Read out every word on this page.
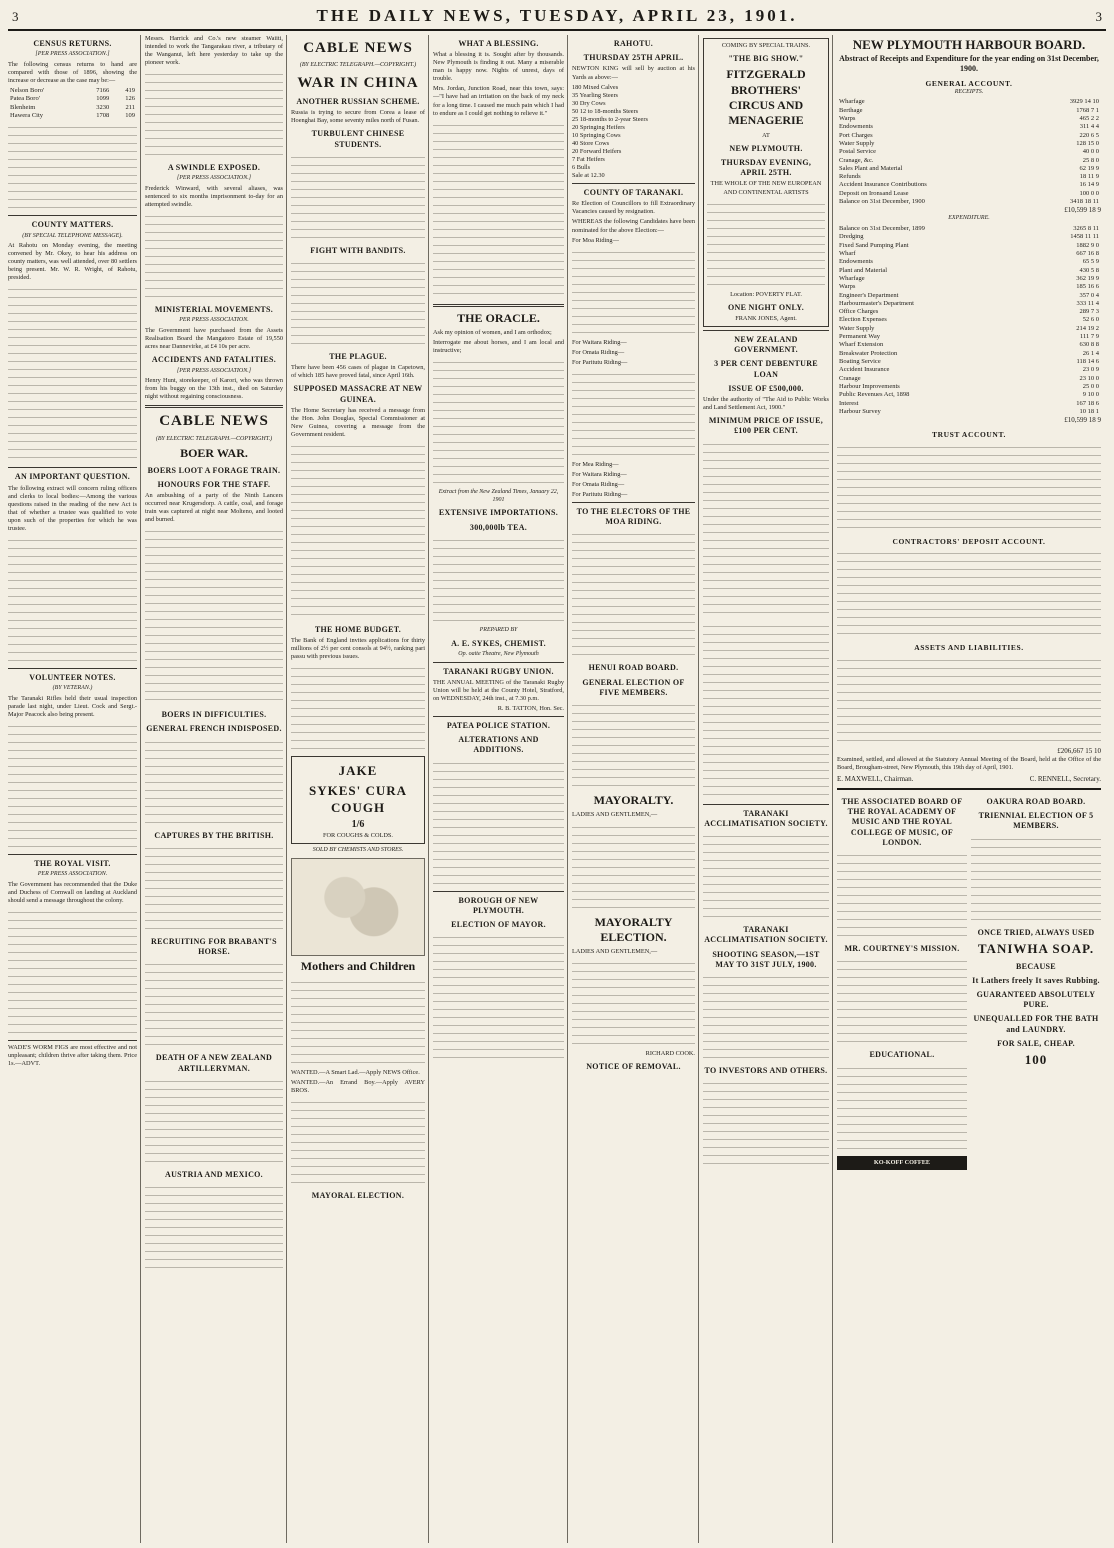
3	THE DAILY NEWS, TUESDAY, APRIL 23, 1901.	3
CENSUS RETURNS.
[PER PRESS ASSOCIATION.]

The following census returns to hand are compared with those of 1896, showing the increase or decrease as the case may be:—

Nelson Boro'	7166	419
Patea Boro'	1099	126
Blenheim	3230	211
Hawera City	1708	109
COUNTY MATTERS.
(BY SPECIAL TELEPHONE MESSAGE).

At Rahotu on Monday evening, the meeting convened by Mr. Okey, to hear his address on county matters, was well attended, over 80 settlers being present. Mr. W. R. Wright, of Rahotu, presided.

AN IMPORTANT QUESTION.

The following extract will concern ruling officers and clerks to local bodies:—Among the various questions raised in the reading of the new Act is that of whether a trustee was qualified to vote upon such of the properties for which he was trustee.

VOLUNTEER NOTES.
(BY VETERAN.)

The Taranaki Rifles held their usual inspection parade last night, under Lieut. Cock and Sergt.-Major Peacock also being present.

THE ROYAL VISIT.
PER PRESS ASSOCIATION.

The Government has recommended that the Duke and Duchess of Cornwall on landing at Auckland should send a message throughout the colony.

WADE'S WORM FIGS are most effective and not unpleasant; children thrive after taking them. Price 1s.—ADVT.

Messrs. Harrick and Co.'s new steamer Waiiti, intended to work the Tangarakau river, a tributary of the Wanganui, left here yesterday to take up the pioneer work.

A SWINDLE EXPOSED.
[PER PRESS ASSOCIATION.]

Frederick Winward, with several aliases, was sentenced to six months imprisonment to-day for an attempted swindle.

MINISTERIAL MOVEMENTS.
PER PRESS ASSOCIATION.

The Government have purchased from the Assets Realisation Board the Mangatoro Estate of 19,550 acres near Dannevirke, at £4 10s per acre.

ACCIDENTS AND FATALITIES.
[PER PRESS ASSOCIATION.]

Henry Hunt, storekeeper, of Karori, who was thrown from his buggy on the 13th inst., died on Saturday night without regaining consciousness.

CABLE NEWS
(BY ELECTRIC TELEGRAPH.—COPYRIGHT.)
BOER WAR.
BOERS LOOT A FORAGE TRAIN.
HONOURS FOR THE STAFF.

An ambushing of a party of the Ninth Lancers occurred near Krugersdorp. A cattle, coal, and forage train was captured at night near Molteno, and looted and burned.

BOERS IN DIFFICULTIES.
GENERAL FRENCH INDISPOSED.
CAPTURES BY THE BRITISH.
RECRUITING FOR BRABANT'S HORSE.
DEATH OF A NEW ZEALAND ARTILLERYMAN.
AUSTRIA AND MEXICO.
CABLE NEWS
(BY ELECTRIC TELEGRAPH.—COPYRIGHT.)
WAR IN CHINA
ANOTHER RUSSIAN SCHEME.

Russia is trying to secure from Corea a lease of Hoenghai Bay, some seventy miles north of Fusan.

TURBULENT CHINESE STUDENTS.
FIGHT WITH BANDITS.
THE PLAGUE.

There have been 456 cases of plague in Capetown, of which 185 have proved fatal, since April 16th.

SUPPOSED MASSACRE AT NEW GUINEA.

The Home Secretary has received a message from the Hon. John Douglas, Special Commissioner at New Guinea, covering a message from the Government resident.

THE HOME BUDGET.

The Bank of England invites applications for thirty millions of 2½ per cent consols at 94½, ranking pari passu with previous issues.

JAKE
SYKES' CURA COUGH
1/6
FOR COUGHS & COLDS.
SOLD BY CHEMISTS AND STORES.
Mothers and Children

WANTED.—A Smart Lad.—Apply NEWS Office.

WANTED.—An Errand Boy.—Apply AVERY BROS.

MAYORAL ELECTION.
WHAT A BLESSING.

What a blessing it is. Sought after by thousands. New Plymouth is finding it out. Many a miserable man is happy now. Nights of unrest, days of trouble.

Mrs. Jordan, Junction Road, near this town, says:—"I have had an irritation on the back of my neck for a long time. I caused me much pain which I had to endure as I could get nothing to relieve it."

THE ORACLE.

Ask my opinion of women, and I am orthodox;

Interrogate me about horses, and I am local and instructive;

Extract from the New Zealand Times, January 22, 1901
EXTENSIVE IMPORTATIONS.
300,000lb TEA.
PREPARED BY
A. E. SYKES, CHEMIST.
Op. oaite Theatre, New Plymouth
TARANAKI RUGBY UNION.

THE ANNUAL MEETING of the Taranaki Rugby Union will be held at the County Hotel, Stratford, on WEDNESDAY, 24th inst., at 7.30 p.m.

R. B. TATTON, Hon. Sec.

PATEA POLICE STATION.
ALTERATIONS AND ADDITIONS.
BOROUGH OF NEW PLYMOUTH.
ELECTION OF MAYOR.
RAHOTU.
THURSDAY 25TH APRIL.

NEWTON KING will sell by auction at his Yards as above:—

180 Mixed Calves
35 Yearling Steers
30 Dry Cows
50 12 to 18-months Steers
25 18-months to 2-year Steers
20 Springing Heifers
10 Springing Cows
40 Store Cows
20 Forward Heifers
7 Fat Heifers
6 Bulls

Sale at 12.30

COUNTY OF TARANAKI.

Re Election of Councillors to fill Extraordinary Vacancies caused by resignation.

WHEREAS the following Candidates have been nominated for the above Election:—

For Moa Riding—

For Waitara Riding—

For Omata Riding—

For Paritutu Riding—

For Mea Riding—

For Waitara Riding—

For Omata Riding—

For Paritutu Riding—

TO THE ELECTORS OF THE MOA RIDING.
HENUI ROAD BOARD.
GENERAL ELECTION OF FIVE MEMBERS.
MAYORALTY.

LADIES AND GENTLEMEN,—

MAYORALTY ELECTION.

LADIES AND GENTLEMEN,—

RICHARD COOK.

NOTICE OF REMOVAL.
COMING BY SPECIAL TRAINS.
"THE BIG SHOW."
FITZGERALD BROTHERS' CIRCUS AND MENAGERIE
AT
NEW PLYMOUTH.
THURSDAY EVENING, APRIL 25TH.
THE WHOLE OF THE NEW EUROPEAN AND CONTINENTAL ARTISTS
Location: POVERTY FLAT.
ONE NIGHT ONLY.
FRANK JONES, Agent.
NEW ZEALAND GOVERNMENT.
3 PER CENT DEBENTURE LOAN
ISSUE OF £500,000.

Under the authority of "The Aid to Public Works and Land Settlement Act, 1900."

MINIMUM PRICE OF ISSUE, £100 PER CENT.
TARANAKI ACCLIMATISATION SOCIETY.
TARANAKI ACCLIMATISATION SOCIETY.
SHOOTING SEASON,—1ST MAY TO 31ST JULY, 1900.
TO INVESTORS AND OTHERS.
NEW PLYMOUTH HARBOUR BOARD.
Abstract of Receipts and Expenditure for the year ending on 31st December, 1900.
GENERAL ACCOUNT.
RECEIPTS.
Wharfage	3929 14 10
Berthage	1768 7 1
Warps	465 2 2
Endowments	311 4 4
Port Charges	220 6 5
Water Supply	128 15 0
Postal Service	40 0 0
Cranage, &c.	25 8 0
Sales Plant and Material	62 19 9
Refunds	18 11 9
Accident Insurance Contributions	16 14 9
Deposit on Ironsand Lease	100 0 0
Balance on 31st December, 1900	3418 18 11
£10,599 18 9
EXPENDITURE.
Balance on 31st December, 1899	3265 8 11
Dredging	1458 11 11
Fixed Sand Pumping Plant	1882 9 0
Wharf	667 16 8
Endowments	65 5 9
Plant and Material	430 5 8
Wharfage	362 19 9
Warps	185 16 6
Engineer's Department	357 0 4
Harbourmaster's Department	333 11 4
Office Charges	289 7 3
Election Expenses	52 6 0
Water Supply	214 19 2
Permanent Way	111 7 9
Wharf Extension	630 8 8
Breakwater Protection	26 1 4
Boating Service	118 14 6
Accident Insurance	23 0 9
Cranage	23 10 0
Harbour Improvements	25 0 0
Public Revenues Act, 1898	9 10 0
Interest	167 18 6
Harbour Survey	10 18 1
£10,599 18 9
TRUST ACCOUNT.
CONTRACTORS' DEPOSIT ACCOUNT.
ASSETS AND LIABILITIES.
£206,667 15 10

Examined, settled, and allowed at the Statutory Annual Meeting of the Board, held at the Office of the Board, Brougham-street, New Plymouth, this 19th day of April, 1901.

E. MAXWELL, Chairman.	C. RENNELL, Secretary.
THE ASSOCIATED BOARD OF THE ROYAL ACADEMY OF MUSIC AND THE ROYAL COLLEGE OF MUSIC, OF LONDON.
MR. COURTNEY'S MISSION.
EDUCATIONAL.
KO-KOFF COFFEE
OAKURA ROAD BOARD.
TRIENNIAL ELECTION OF 5 MEMBERS.
ONCE TRIED, ALWAYS USED
TANIWHA SOAP.
BECAUSE
It Lathers freely It saves Rubbing.
GUARANTEED ABSOLUTELY PURE.
UNEQUALLED FOR THE BATH and LAUNDRY.
FOR SALE, CHEAP.
100
